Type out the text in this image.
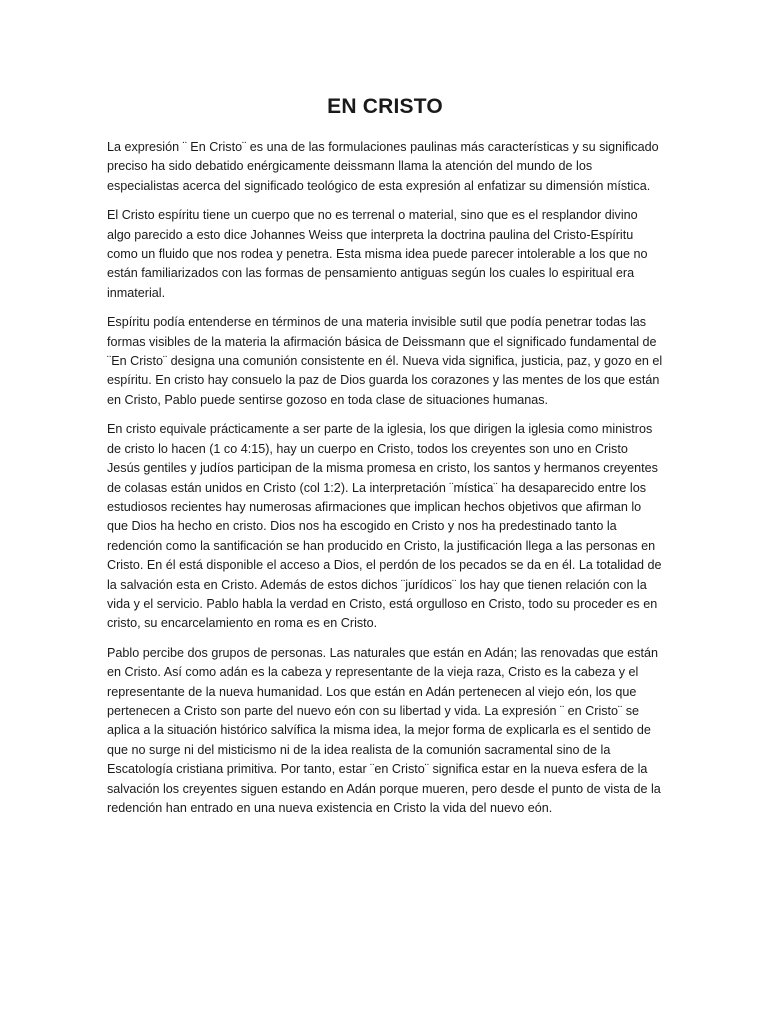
EN CRISTO

La expresión ¨ En Cristo¨ es una de las formulaciones paulinas más características y su significado preciso ha sido debatido enérgicamente deissmann llama la atención del mundo de los especialistas acerca del significado teológico de esta expresión al enfatizar su dimensión mística.

El Cristo espíritu tiene un cuerpo que no es terrenal o material, sino que es el resplandor divino algo parecido a esto dice Johannes Weiss que interpreta la doctrina paulina del Cristo-Espíritu como un fluido que nos rodea y penetra. Esta misma idea puede parecer intolerable a los que no están familiarizados con las formas de pensamiento antiguas según los cuales lo espiritual era inmaterial.

Espíritu podía entenderse en términos de una materia invisible sutil que podía penetrar todas las formas visibles de la materia la afirmación básica de Deissmann que el significado fundamental de ¨En Cristo¨ designa una comunión consistente en él. Nueva vida significa, justicia, paz, y gozo en el espíritu. En cristo hay consuelo la paz de Dios guarda los corazones y las mentes de los que están en Cristo, Pablo puede sentirse gozoso en toda clase de situaciones humanas.

En cristo equivale prácticamente a ser parte de la iglesia, los que dirigen la iglesia como ministros de cristo lo hacen (1 co 4:15), hay un cuerpo en Cristo, todos los creyentes son uno en Cristo Jesús gentiles y judíos participan de la misma promesa en cristo, los santos y hermanos creyentes de colasas están unidos en Cristo (col 1:2). La interpretación ¨mística¨ ha desaparecido entre los estudiosos recientes hay numerosas afirmaciones que implican hechos objetivos que afirman lo que Dios ha hecho en cristo. Dios nos ha escogido en Cristo y nos ha predestinado tanto la redención como la santificación se han producido en Cristo, la justificación llega a las personas en Cristo. En él está disponible el acceso a Dios, el perdón de los pecados se da en él. La totalidad de la salvación esta en Cristo. Además de estos dichos ¨jurídicos¨ los hay que tienen relación con la vida y el servicio. Pablo habla la verdad en Cristo, está orgulloso en Cristo, todo su proceder es en cristo, su encarcelamiento en roma es en Cristo.

Pablo percibe dos grupos de personas. Las naturales que están en Adán; las renovadas que están en Cristo. Así como adán es la cabeza y representante de la vieja raza, Cristo es la cabeza y el representante de la nueva humanidad. Los que están en Adán pertenecen al viejo eón, los que pertenecen a Cristo son parte del nuevo eón con su libertad y vida. La expresión ¨ en Cristo¨ se aplica a la situación histórico salvífica la misma idea, la mejor forma de explicarla es el sentido de que no surge ni del misticismo ni de la idea realista de la comunión sacramental sino de la Escatología cristiana primitiva. Por tanto, estar ¨en Cristo¨ significa estar en la nueva esfera de la salvación los creyentes siguen estando en Adán porque mueren, pero desde el punto de vista de la redención han entrado en una nueva existencia en Cristo la vida del nuevo eón.
